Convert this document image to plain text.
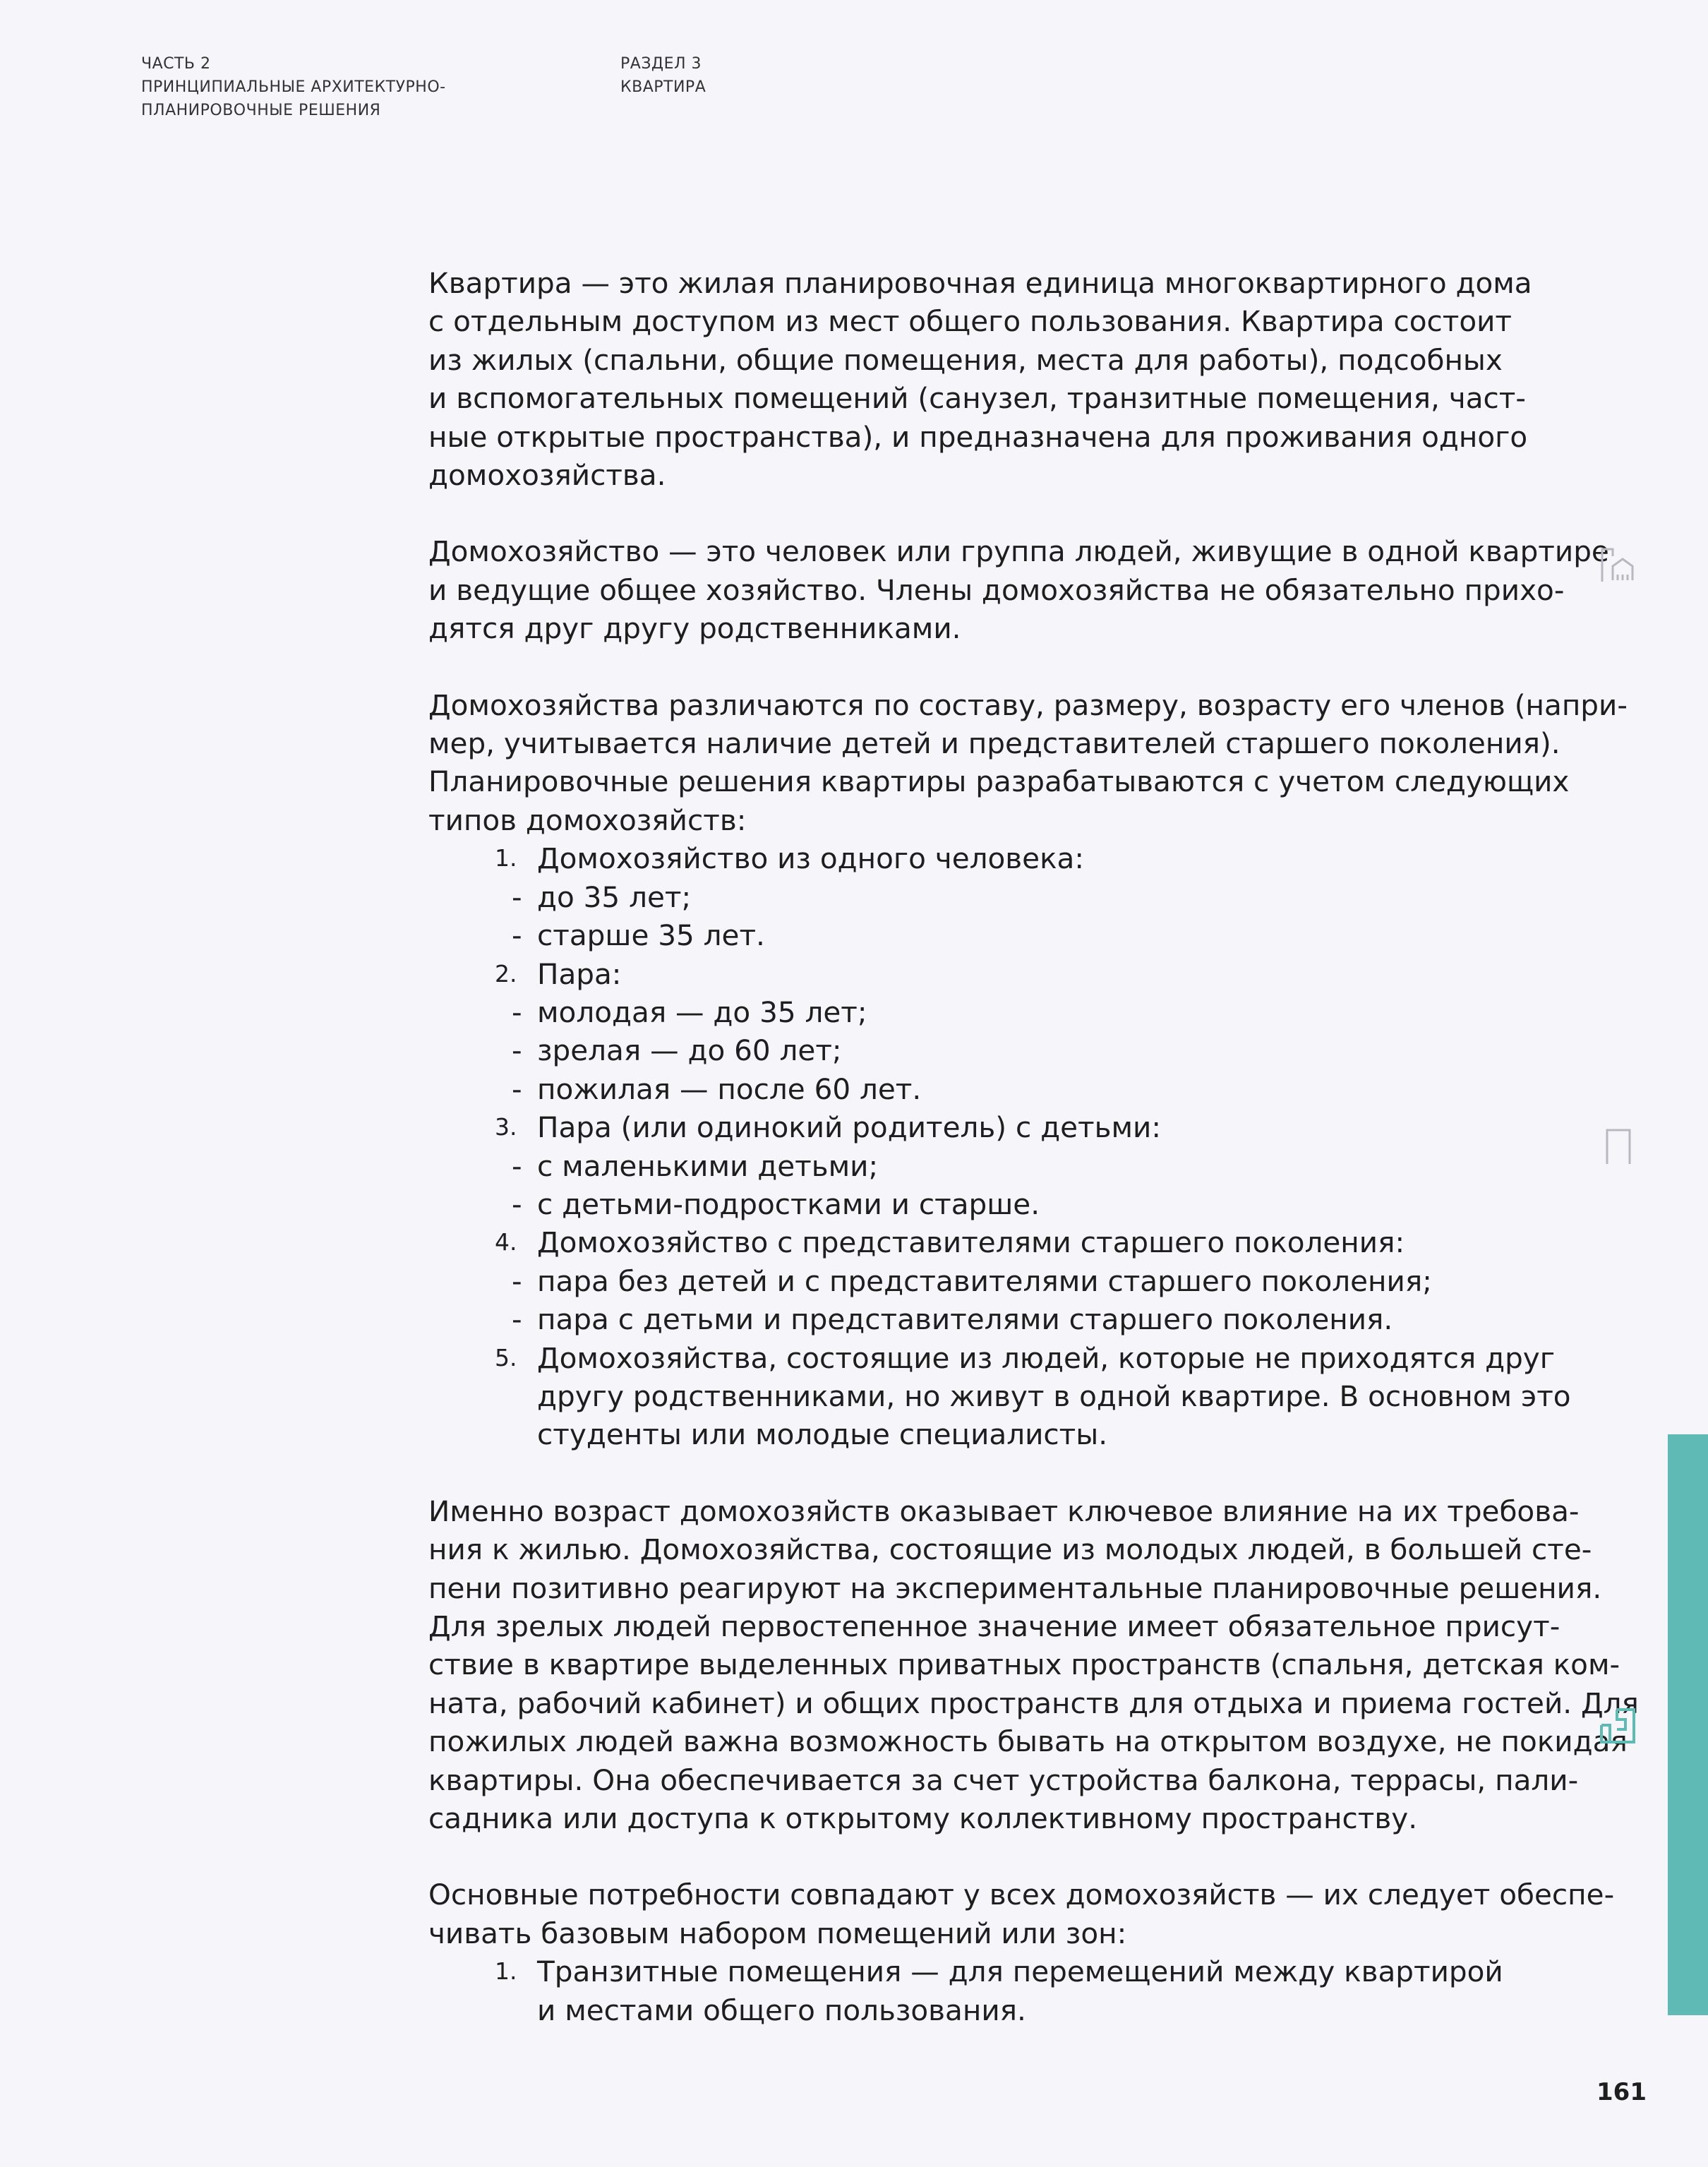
ЧАСТЬ 2
ПРИНЦИПИАЛЬНЫЕ АРХИТЕКТУРНО-
ПЛАНИРОВОЧНЫЕ РЕШЕНИЯ
РАЗДЕЛ 3
КВАРТИРА
Квартира — это жилая планировочная единица многоквартирного дома
с отдельным доступом из мест общего пользования. Квартира состоит
из жилых (спальни, общие помещения, места для работы), подсобных
и вспомогательных помещений (санузел, транзитные помещения, част-
ные открытые пространства), и предназначена для проживания одного
домохозяйства.
Домохозяйство — это человек или группа людей, живущие в одной квартире
и ведущие общее хозяйство. Члены домохозяйства не обязательно прихо-
дятся друг другу родственниками.
Домохозяйства различаются по составу, размеру, возрасту его членов (напри-
мер, учитывается наличие детей и представителей старшего поколения).
Планировочные решения квартиры разрабатываются с учетом следующих
типов домохозяйств:
1. Домохозяйство из одного человека:
- до 35 лет;
- старше 35 лет.
2. Пара:
- молодая — до 35 лет;
- зрелая — до 60 лет;
- пожилая — после 60 лет.
3. Пара (или одинокий родитель) с детьми:
- с маленькими детьми;
- с детьми-подростками и старше.
4. Домохозяйство с представителями старшего поколения:
- пара без детей и с представителями старшего поколения;
- пара с детьми и представителями старшего поколения.
5. Домохозяйства, состоящие из людей, которые не приходятся друг
другу родственниками, но живут в одной квартире. В основном это
студенты или молодые специалисты.
Именно возраст домохозяйств оказывает ключевое влияние на их требова-
ния к жилью. Домохозяйства, состоящие из молодых людей, в большей сте-
пени позитивно реагируют на экспериментальные планировочные решения.
Для зрелых людей первостепенное значение имеет обязательное присут-
ствие в квартире выделенных приватных пространств (спальня, детская ком-
ната, рабочий кабинет) и общих пространств для отдыха и приема гостей. Для
пожилых людей важна возможность бывать на открытом воздухе, не покидая
квартиры. Она обеспечивается за счет устройства балкона, террасы, пали-
садника или доступа к открытому коллективному пространству.
Основные потребности совпадают у всех домохозяйств — их следует обеспе-
чивать базовым набором помещений или зон:
1. Транзитные помещения — для перемещений между квартирой
и местами общего пользования.
161
